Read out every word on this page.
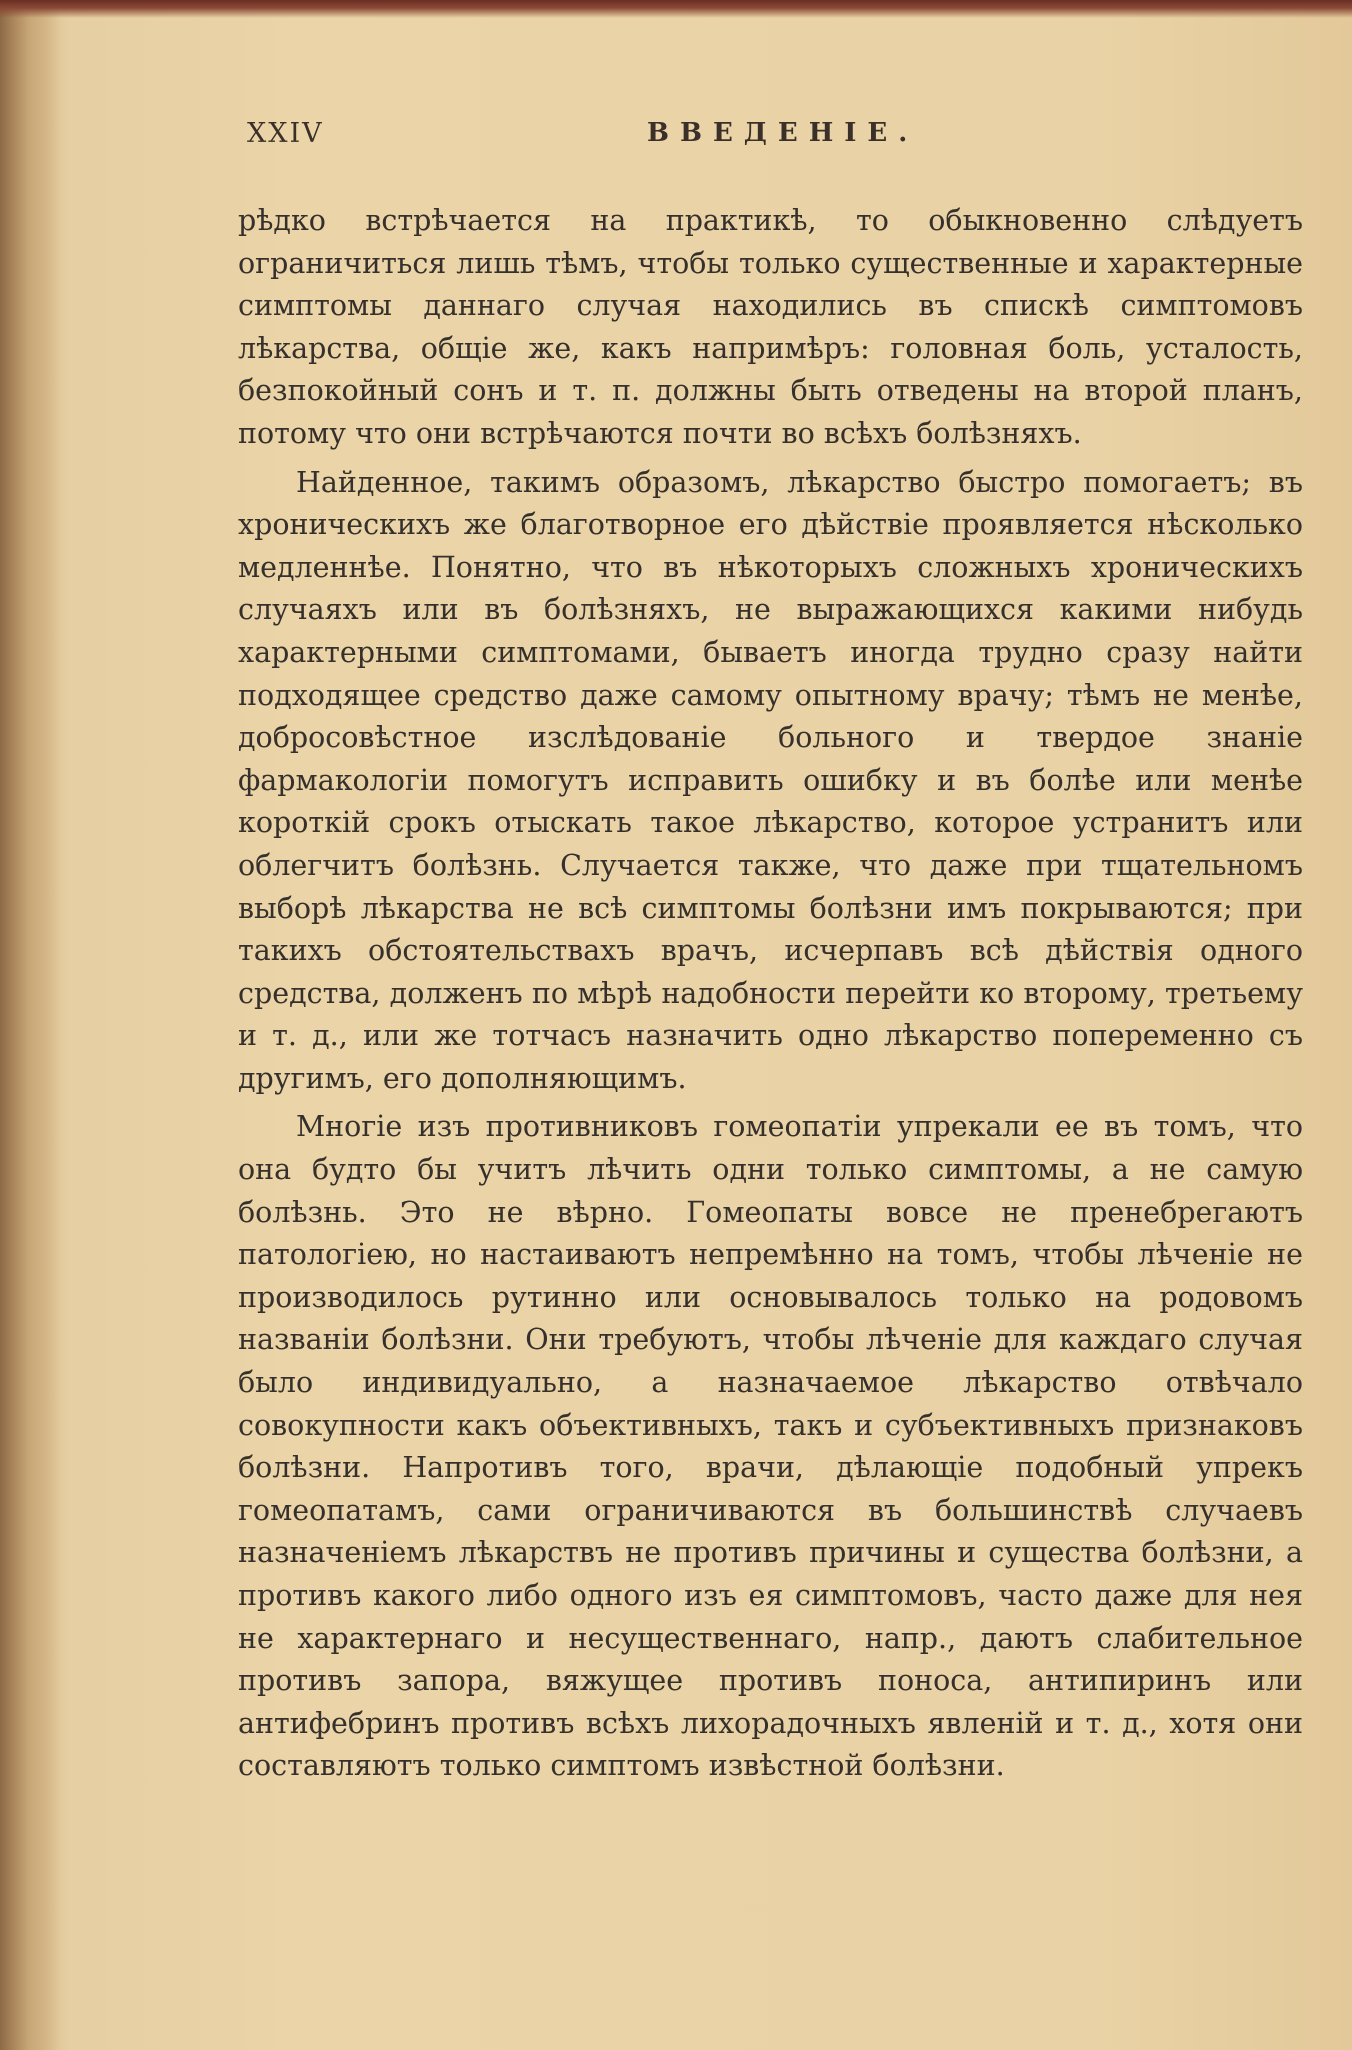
XXIV	ВВЕДЕНІЕ.

рѣдко встрѣчается на практикѣ, то обыкновенно слѣдуетъ ограничиться лишь тѣмъ, чтобы только существенные и характерные симптомы даннаго случая находились въ спискѣ симптомовъ лѣкарства, общіе же, какъ напримѣръ: головная боль, усталость, безпокойный сонъ и т. п. должны быть отведены на второй планъ, потому что они встрѣчаются почти во всѣхъ болѣзняхъ.

Найденное, такимъ образомъ, лѣкарство быстро помогаетъ; въ хроническихъ же благотворное его дѣйствіе проявляется нѣсколько медленнѣе. Понятно, что въ нѣкоторыхъ сложныхъ хроническихъ случаяхъ или въ болѣзняхъ, не выражающихся какими нибудь характерными симптомами, бываетъ иногда трудно сразу найти подходящее средство даже самому опытному врачу; тѣмъ не менѣе, добросовѣстное изслѣдованіе больного и твердое знаніе фармакологіи помогутъ исправить ошибку и въ болѣе или менѣе короткій срокъ отыскать такое лѣкарство, которое устранитъ или облегчитъ болѣзнь. Случается также, что даже при тщательномъ выборѣ лѣкарства не всѣ симптомы болѣзни имъ покрываются; при такихъ обстоятельствахъ врачъ, исчерпавъ всѣ дѣйствія одного средства, долженъ по мѣрѣ надобности перейти ко второму, третьему и т. д., или же тотчасъ назначить одно лѣкарство попеременно съ другимъ, его дополняющимъ.

Многіе изъ противниковъ гомеопатіи упрекали ее въ томъ, что она будто бы учитъ лѣчить одни только симптомы, а не самую болѣзнь. Это не вѣрно. Гомеопаты вовсе не пренебрегаютъ патологіею, но настаиваютъ непремѣнно на томъ, чтобы лѣченіе не производилось рутинно или основывалось только на родовомъ названіи болѣзни. Они требуютъ, чтобы лѣченіе для каждаго случая было индивидуально, а назначаемое лѣкарство отвѣчало совокупности какъ объективныхъ, такъ и субъективныхъ признаковъ болѣзни. Напротивъ того, врачи, дѣлающіе подобный упрекъ гомеопатамъ, сами ограничиваются въ большинствѣ случаевъ назначеніемъ лѣкарствъ не противъ причины и существа болѣзни, а противъ какого либо одного изъ ея симптомовъ, часто даже для нея не характернаго и несущественнаго, напр., даютъ слабительное противъ запора, вяжущее противъ поноса, антипиринъ или антифебринъ противъ всѣхъ лихорадочныхъ явленій и т. д., хотя они составляютъ только симптомъ извѣстной болѣзни.
